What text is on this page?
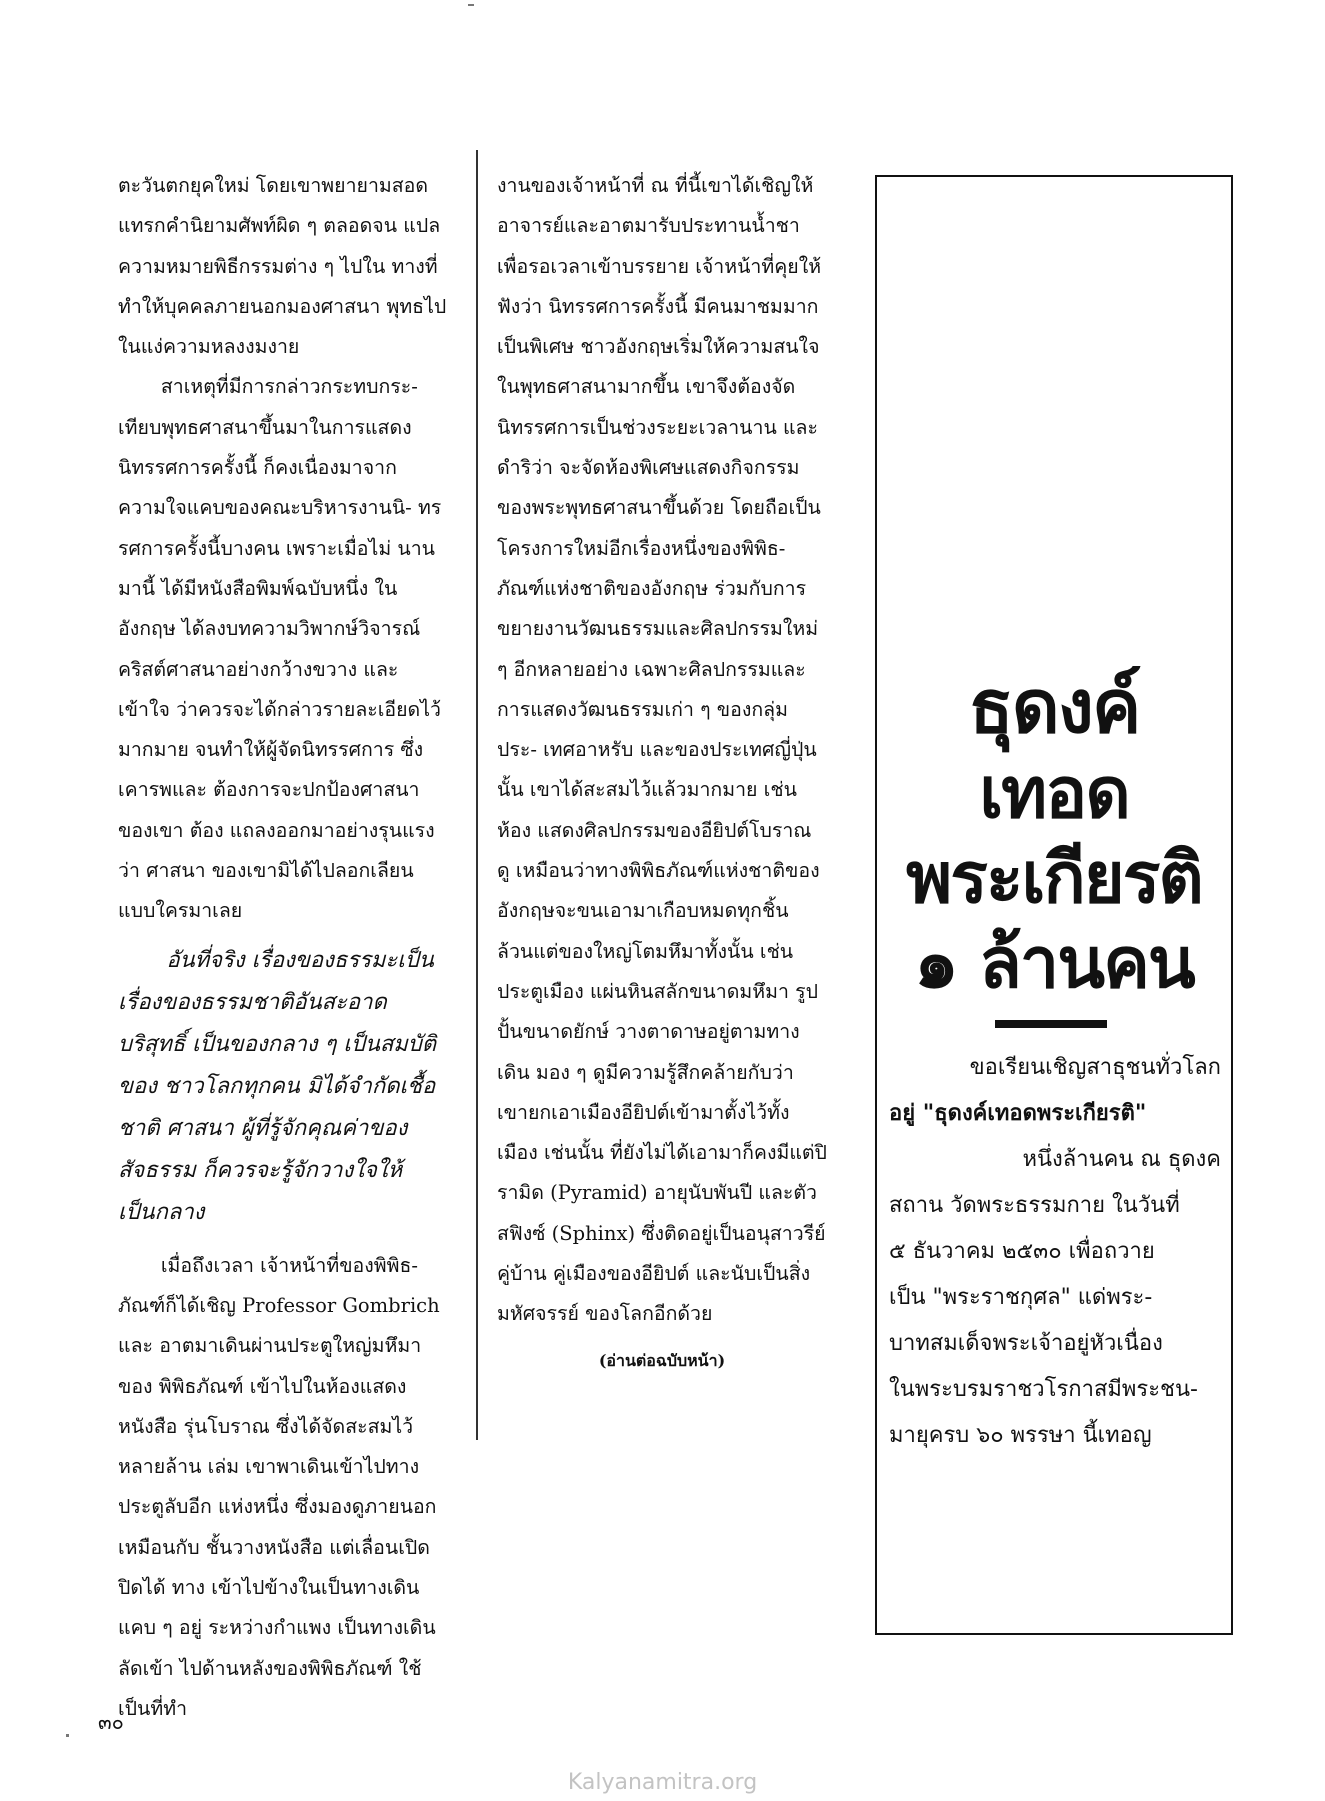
ตะวันตกยุคใหม่ โดยเขาพยายามสอด แทรกคำนิยามศัพท์ผิด ๆ ตลอดจน แปลความหมายพิธีกรรมต่าง ๆ ไปใน ทางที่ทำให้บุคคลภายนอกมองศาสนา พุทธไปในแง่ความหลงงมงาย

สาเหตุที่มีการกล่าวกระทบกระ- เทียบพุทธศาสนาขึ้นมาในการแสดง นิทรรศการครั้งนี้ ก็คงเนื่องมาจาก ความใจแคบของคณะบริหารงานนิ- ทรรศการครั้งนี้บางคน เพราะเมื่อไม่ นานมานี้ ได้มีหนังสือพิมพ์ฉบับหนึ่ง ในอังกฤษ ได้ลงบทความวิพากษ์วิจารณ์ คริสต์ศาสนาอย่างกว้างขวาง และเข้าใจ ว่าควรจะได้กล่าวรายละเอียดไว้มากมาย จนทำให้ผู้จัดนิทรรศการ ซึ่งเคารพและ ต้องการจะปกป้องศาสนาของเขา ต้อง แถลงออกมาอย่างรุนแรงว่า ศาสนา ของเขามิได้ไปลอกเลียนแบบใครมาเลย

อันที่จริง เรื่องของธรรมะเป็น เรื่องของธรรมชาติอันสะอาดบริสุทธิ์ เป็นของกลาง ๆ เป็นสมบัติของ ชาวโลกทุกคน มิได้จำกัดเชื้อชาติ ศาสนา ผู้ที่รู้จักคุณค่าของสัจธรรม ก็ควรจะรู้จักวางใจให้เป็นกลาง

เมื่อถึงเวลา เจ้าหน้าที่ของพิพิธ- ภัณฑ์ก็ได้เชิญ Professor Gombrich และ อาตมาเดินผ่านประตูใหญ่มหึมาของ พิพิธภัณฑ์ เข้าไปในห้องแสดงหนังสือ รุ่นโบราณ ซึ่งได้จัดสะสมไว้หลายล้าน เล่ม เขาพาเดินเข้าไปทางประตูลับอีก แห่งหนึ่ง ซึ่งมองดูภายนอกเหมือนกับ ชั้นวางหนังสือ แต่เลื่อนเปิดปิดได้ ทาง เข้าไปข้างในเป็นทางเดินแคบ ๆ อยู่ ระหว่างกำแพง เป็นทางเดินลัดเข้า ไปด้านหลังของพิพิธภัณฑ์ ใช้เป็นที่ทำ

งานของเจ้าหน้าที่ ณ ที่นี้เขาได้เชิญให้ อาจารย์และอาตมารับประทานน้ำชา เพื่อรอเวลาเข้าบรรยาย เจ้าหน้าที่คุยให้ ฟังว่า นิทรรศการครั้งนี้ มีคนมาชมมาก เป็นพิเศษ ชาวอังกฤษเริ่มให้ความสนใจ ในพุทธศาสนามากขึ้น เขาจึงต้องจัด นิทรรศการเป็นช่วงระยะเวลานาน และ ดำริว่า จะจัดห้องพิเศษแสดงกิจกรรม ของพระพุทธศาสนาขึ้นด้วย โดยถือเป็น โครงการใหม่อีกเรื่องหนึ่งของพิพิธ- ภัณฑ์แห่งชาติของอังกฤษ ร่วมกับการ ขยายงานวัฒนธรรมและศิลปกรรมใหม่ ๆ อีกหลายอย่าง เฉพาะศิลปกรรมและ การแสดงวัฒนธรรมเก่า ๆ ของกลุ่มประ- เทศอาหรับ และของประเทศญี่ปุ่นนั้น เขาได้สะสมไว้แล้วมากมาย เช่น ห้อง แสดงศิลปกรรมของอียิปต์โบราณ ดู เหมือนว่าทางพิพิธภัณฑ์แห่งชาติของ อังกฤษจะขนเอามาเกือบหมดทุกชิ้น ล้วนแต่ของใหญ่โตมหึมาทั้งนั้น เช่น ประตูเมือง แผ่นหินสลักขนาดมหึมา รูปปั้นขนาดยักษ์ วางตาดาษอยู่ตามทาง เดิน มอง ๆ ดูมีความรู้สึกคล้ายกับว่า เขายกเอาเมืองอียิปต์เข้ามาตั้งไว้ทั้งเมือง เช่นนั้น ที่ยังไม่ได้เอามาก็คงมีแต่ปิรามิด (Pyramid) อายุนับพันปี และตัวสฟิงซ์ (Sphinx) ซึ่งติดอยู่เป็นอนุสาวรีย์คู่บ้าน คู่เมืองของอียิปต์ และนับเป็นสิ่งมหัศจรรย์ ของโลกอีกด้วย

(อ่านต่อฉบับหน้า)

ธุดงค์
เทอด
พระเกียรติ
๑ ล้านคน

ขอเรียนเชิญสาธุชนทั่วโลก

อยู่ "ธุดงค์เทอดพระเกียรติ"

หนึ่งล้านคน ณ ธุดงค

สถาน วัดพระธรรมกาย ในวันที่

๕ ธันวาคม ๒๕๓๐ เพื่อถวาย

เป็น "พระราชกุศล" แด่พระ-

บาทสมเด็จพระเจ้าอยู่หัวเนื่อง

ในพระบรมราชวโรกาสมีพระชน-

มายุครบ ๖๐ พรรษา นี้เทอญ

๓๐
Kalyanamitra.org
